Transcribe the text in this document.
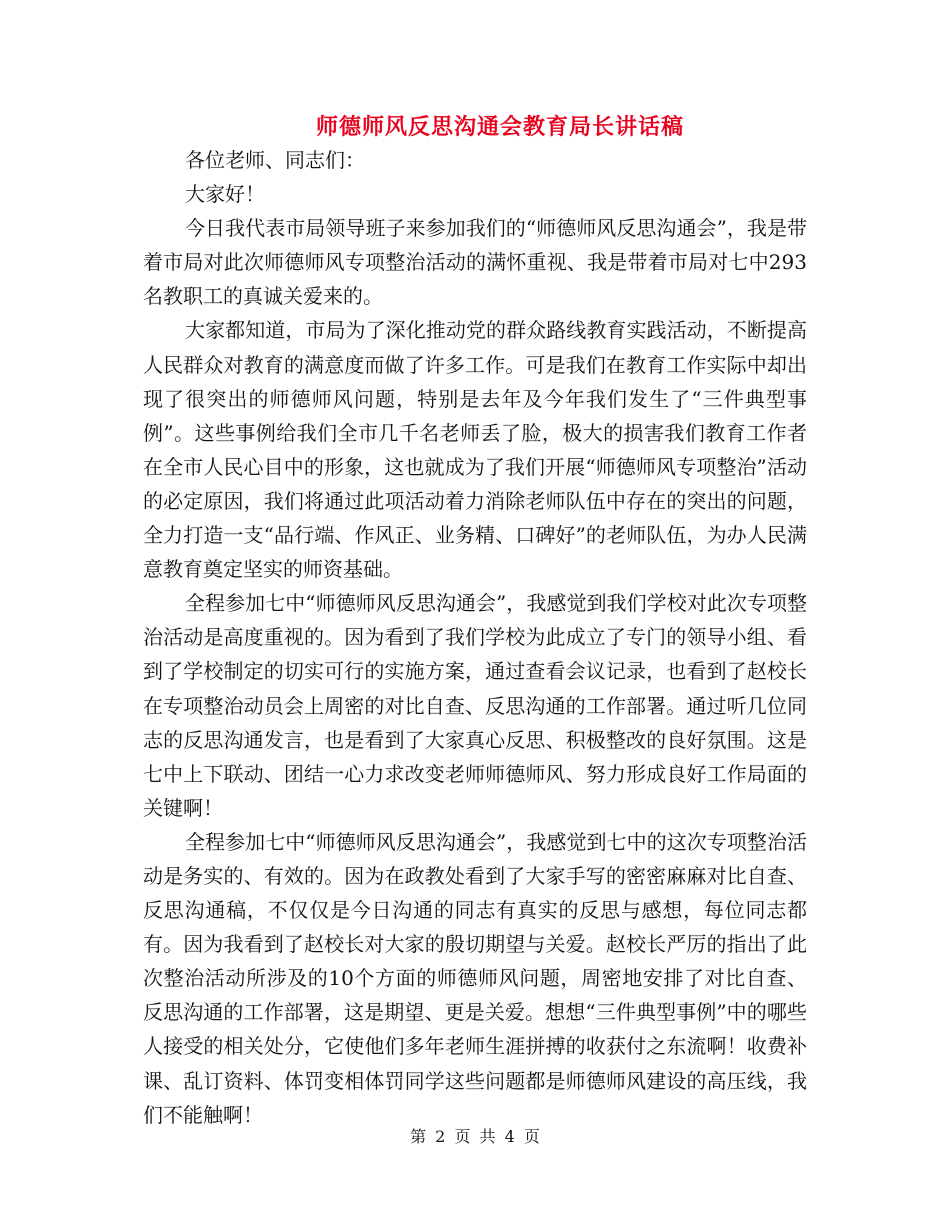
师德师风反思沟通会教育局长讲话稿

各位老师、同志们：

大家好！

今日我代表市局领导班子来参加我们的“师德师风反思沟通会”，我是带着市局对此次师德师风专项整治活动的满怀重视、我是带着市局对七中293名教职工的真诚关爱来的。

大家都知道，市局为了深化推动党的群众路线教育实践活动，不断提高人民群众对教育的满意度而做了许多工作。可是我们在教育工作实际中却出现了很突出的师德师风问题，特别是去年及今年我们发生了“三件典型事例”。这些事例给我们全市几千名老师丢了脸，极大的损害我们教育工作者在全市人民心目中的形象，这也就成为了我们开展“师德师风专项整治”活动的必定原因，我们将通过此项活动着力消除老师队伍中存在的突出的问题，全力打造一支“品行端、作风正、业务精、口碑好”的老师队伍，为办人民满意教育奠定坚实的师资基础。

全程参加七中“师德师风反思沟通会”，我感觉到我们学校对此次专项整治活动是高度重视的。因为看到了我们学校为此成立了专门的领导小组、看到了学校制定的切实可行的实施方案，通过查看会议记录，也看到了赵校长在专项整治动员会上周密的对比自查、反思沟通的工作部署。通过听几位同志的反思沟通发言，也是看到了大家真心反思、积极整改的良好氛围。这是七中上下联动、团结一心力求改变老师师德师风、努力形成良好工作局面的关键啊！

全程参加七中“师德师风反思沟通会”，我感觉到七中的这次专项整治活动是务实的、有效的。因为在政教处看到了大家手写的密密麻麻对比自查、反思沟通稿，不仅仅是今日沟通的同志有真实的反思与感想，每位同志都有。因为我看到了赵校长对大家的殷切期望与关爱。赵校长严厉的指出了此次整治活动所涉及的10个方面的师德师风问题，周密地安排了对比自查、反思沟通的工作部署，这是期望、更是关爱。想想“三件典型事例”中的哪些人接受的相关处分，它使他们多年老师生涯拼搏的收获付之东流啊！收费补课、乱订资料、体罚变相体罚同学这些问题都是师德师风建设的高压线，我们不能触啊！

第 2 页 共 4 页
